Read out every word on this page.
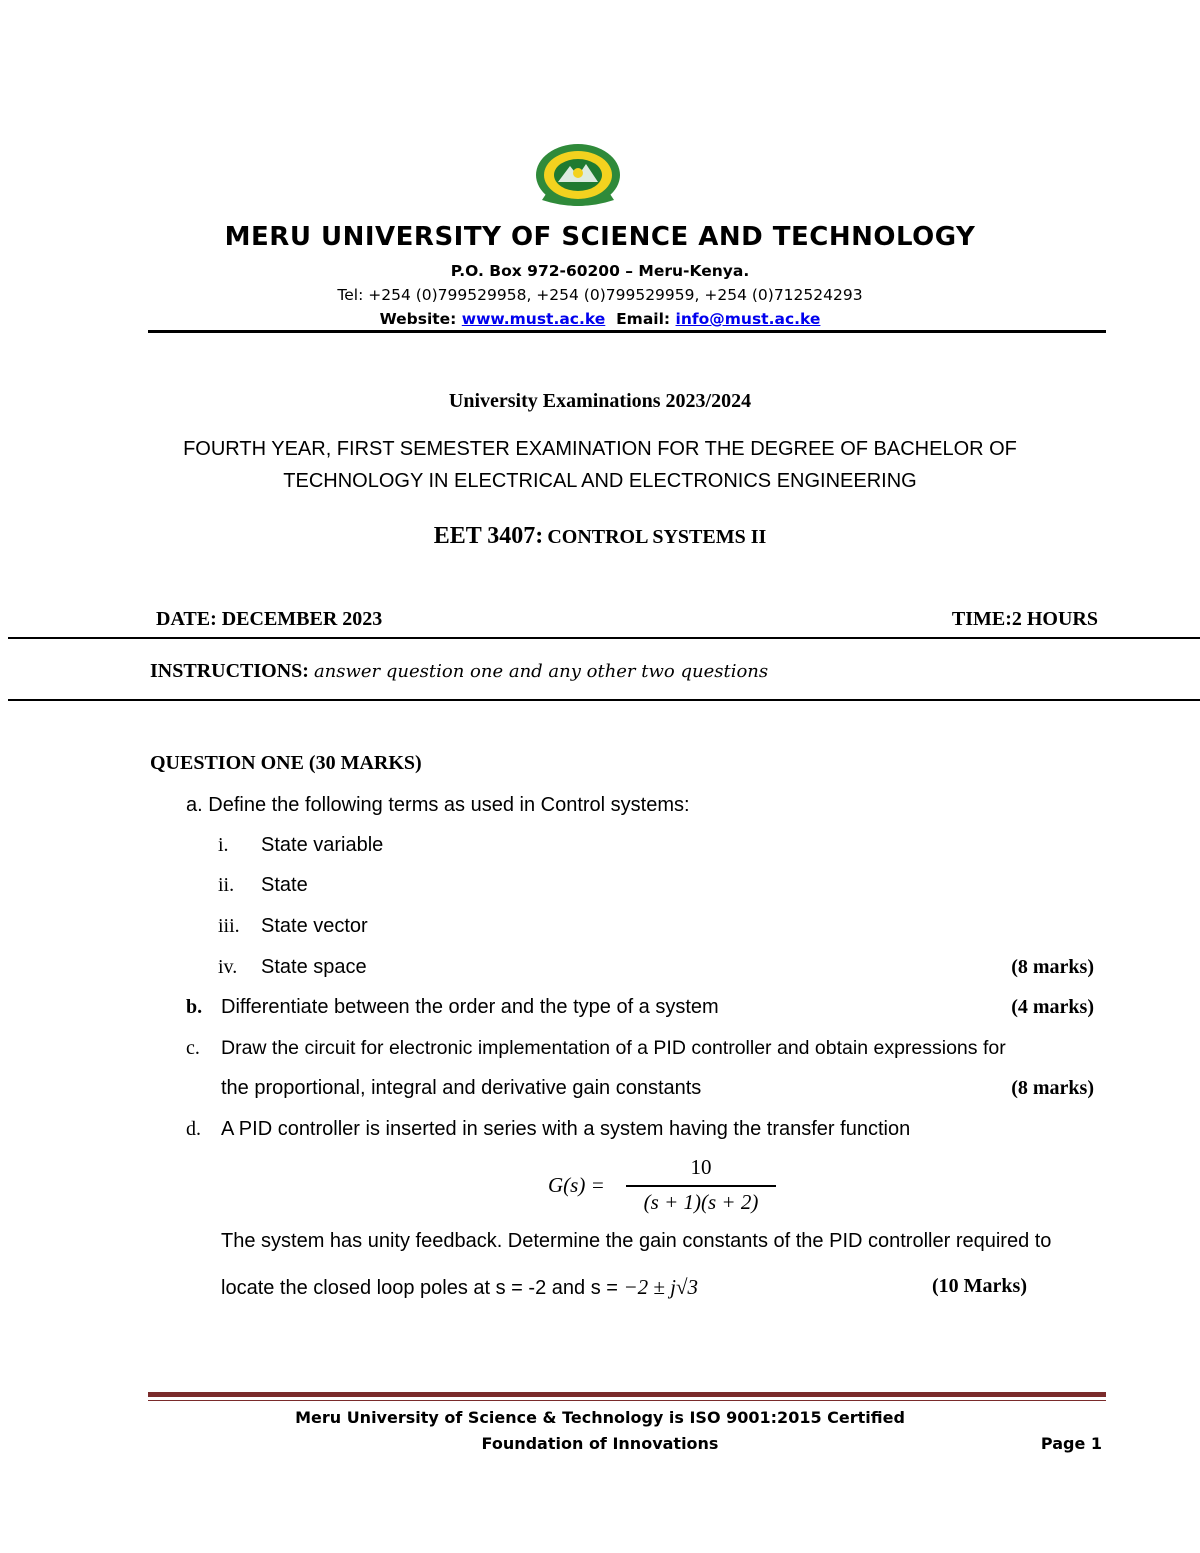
MERU UNIVERSITY OF SCIENCE AND TECHNOLOGY
P.O. Box 972-60200 – Meru-Kenya.
Tel: +254 (0)799529958, +254 (0)799529959, +254 (0)712524293
Website: www.must.ac.ke Email: info@must.ac.ke
University Examinations 2023/2024
FOURTH YEAR, FIRST SEMESTER EXAMINATION FOR THE DEGREE OF BACHELOR OF
TECHNOLOGY IN ELECTRICAL AND ELECTRONICS ENGINEERING
EET 3407: CONTROL SYSTEMS II
DATE: DECEMBER 2023	TIME:2 HOURS
INSTRUCTIONS: answer question one and any other two questions
QUESTION ONE (30 MARKS)
a. Define the following terms as used in Control systems:
i. State variable
ii. State
iii. State vector
iv. State space	(8 marks)
b. Differentiate between the order and the type of a system	(4 marks)
c. Draw the circuit for electronic implementation of a PID controller and obtain expressions for
the proportional, integral and derivative gain constants	(8 marks)
d. A PID controller is inserted in series with a system having the transfer function
G(s) =
10
(s + 1)(s + 2)
The system has unity feedback. Determine the gain constants of the PID controller required to
locate the closed loop poles at s = -2 and s = −2 ± j√3	(10 Marks)
Meru University of Science & Technology is ISO 9001:2015 Certified
Foundation of Innovations	Page 1
